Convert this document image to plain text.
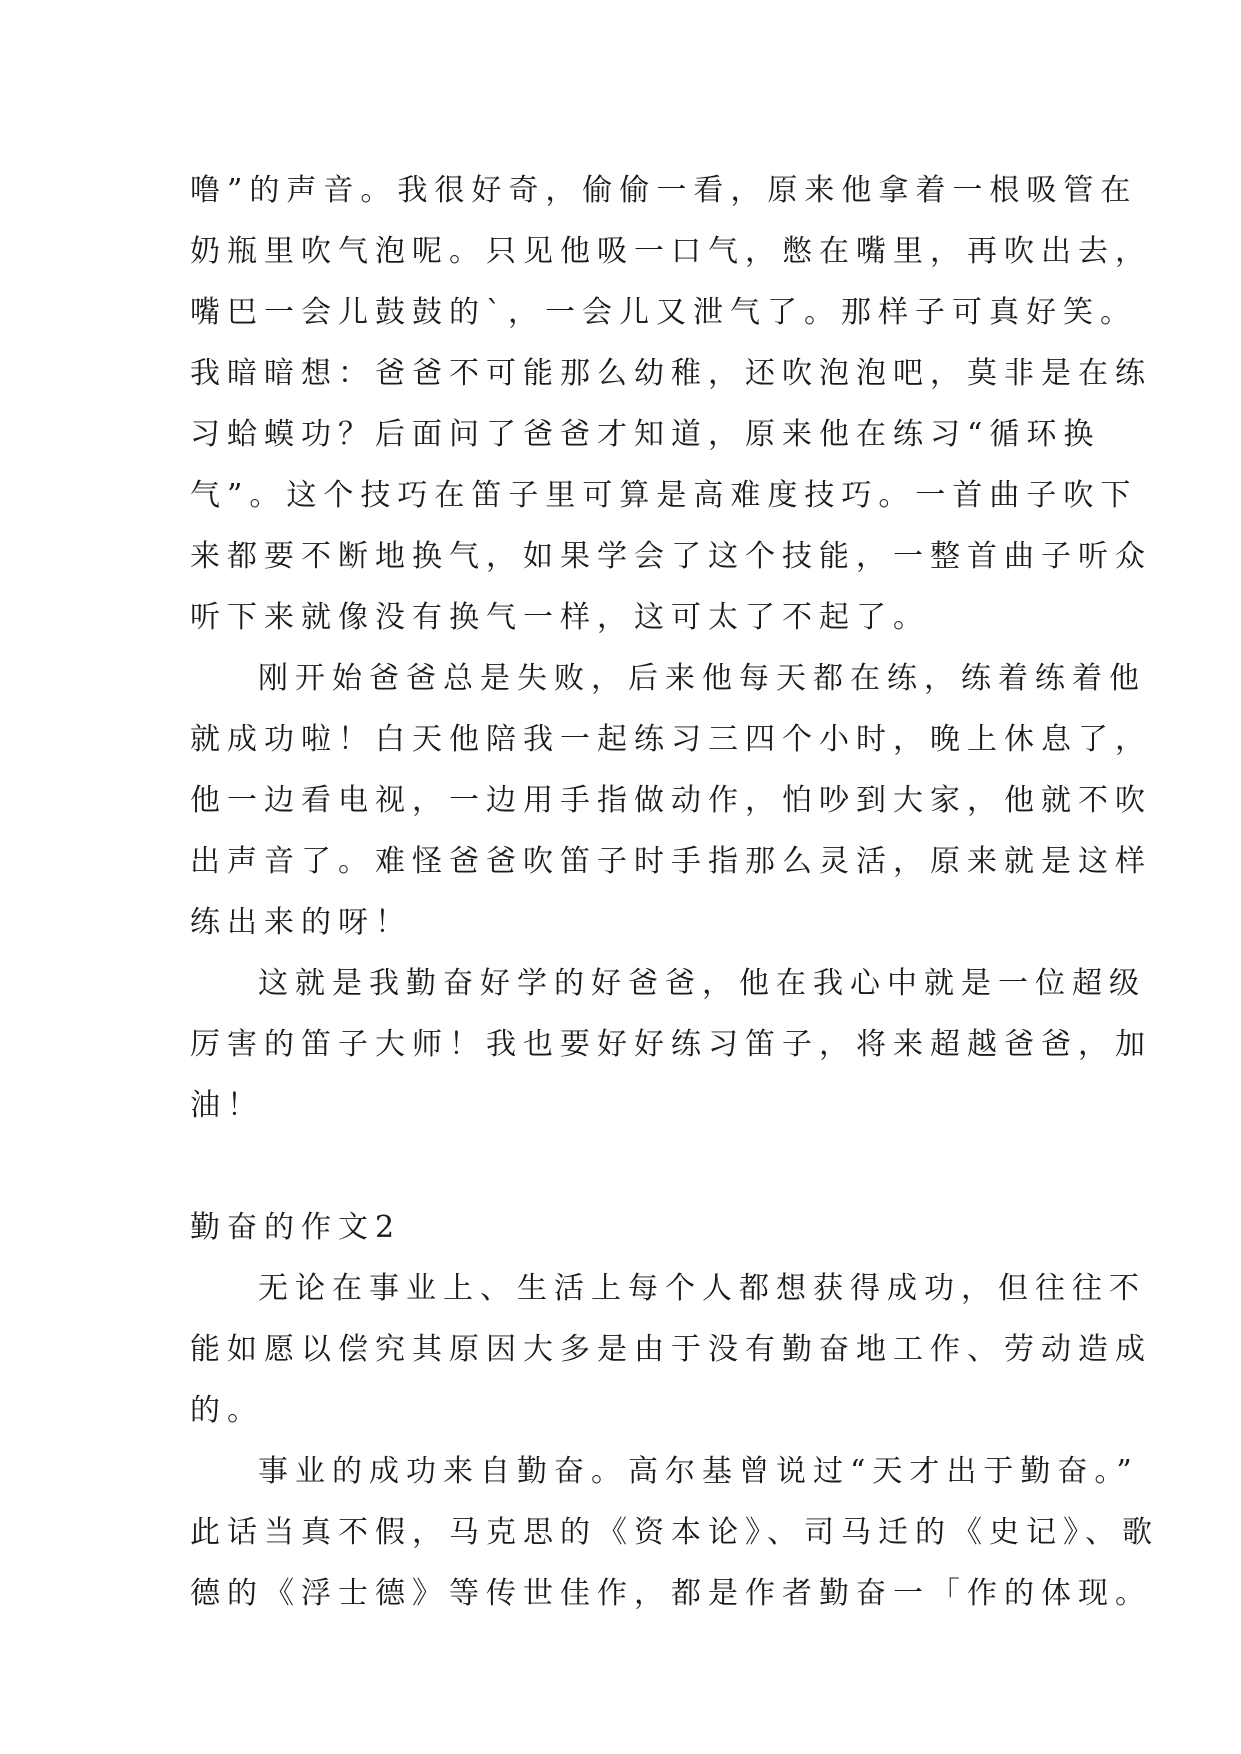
噜”的声音。我很好奇，偷偷一看，原来他拿着一根吸管在
奶瓶里吹气泡呢。只见他吸一口气，憋在嘴里，再吹出去，
嘴巴一会儿鼓鼓的`，一会儿又泄气了。那样子可真好笑。
我暗暗想：爸爸不可能那么幼稚，还吹泡泡吧，莫非是在练
习蛤蟆功？后面问了爸爸才知道，原来他在练习“循环换
气”。这个技巧在笛子里可算是高难度技巧。一首曲子吹下
来都要不断地换气，如果学会了这个技能，一整首曲子听众
听下来就像没有换气一样，这可太了不起了。
刚开始爸爸总是失败，后来他每天都在练，练着练着他
就成功啦！白天他陪我一起练习三四个小时，晚上休息了，
他一边看电视，一边用手指做动作，怕吵到大家，他就不吹
出声音了。难怪爸爸吹笛子时手指那么灵活，原来就是这样
练出来的呀！
这就是我勤奋好学的好爸爸，他在我心中就是一位超级
厉害的笛子大师！我也要好好练习笛子，将来超越爸爸，加
油！
勤奋的作文2
无论在事业上、生活上每个人都想获得成功，但往往不
能如愿以偿究其原因大多是由于没有勤奋地工作、劳动造成
的。
事业的成功来自勤奋。高尔基曾说过“天才出于勤奋。”
此话当真不假，马克思的《资本论》、司马迁的《史记》、歌
德的《浮士德》等传世佳作，都是作者勤奋一「作的体现。
